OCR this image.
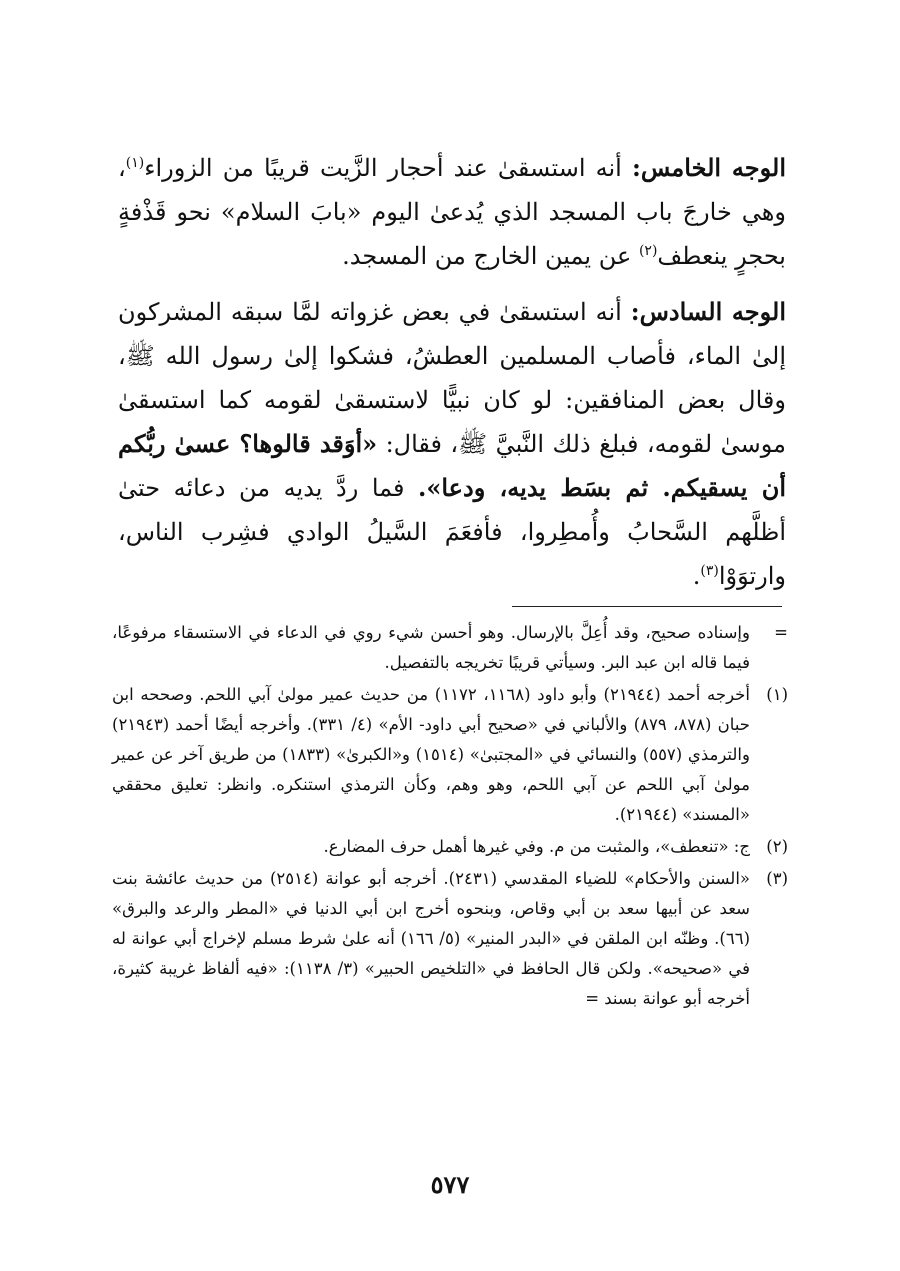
الوجه الخامس: أنه استسقىٰ عند أحجار الزَّيت قريبًا من الزوراء$^{(١)}$، وهي خارجَ باب المسجد الذي يُدعىٰ اليوم «بابَ السلام» نحو قَذْفةٍ بحجرٍ ينعطف$^{(٢)}$ عن يمين الخارج من المسجد.

الوجه السادس: أنه استسقىٰ في بعض غزواته لمَّا سبقه المشركون إلىٰ الماء، فأصاب المسلمين العطشُ، فشكوا إلىٰ رسول الله ﷺ، وقال بعض المنافقين: لو كان نبيًّا لاستسقىٰ لقومه كما استسقىٰ موسىٰ لقومه، فبلغ ذلك النَّبيَّ ﷺ، فقال: «أوَقد قالوها؟ عسىٰ ربُّكم أن يسقيكم. ثم بسَط يديه، ودعا». فما ردَّ يديه من دعائه حتىٰ أظلَّهم السَّحابُ وأُمطِروا، فأفعَمَ السَّيلُ الوادي فشِرب الناس، وارتوَوْا$^{(٣)}$.

=
وإسناده صحيح، وقد أُعِلَّ بالإرسال. وهو أحسن شيء روي في الدعاء في الاستسقاء مرفوعًا، فيما قاله ابن عبد البر. وسيأتي قريبًا تخريجه بالتفصيل.
(١)
أخرجه أحمد (٢١٩٤٤) وأبو داود (١١٦٨، ١١٧٢) من حديث عمير مولىٰ آبي اللحم. وصححه ابن حبان (٨٧٨، ٨٧٩) والألباني في «صحيح أبي داود- الأم» (٤/ ٣٣١). وأخرجه أيضًا أحمد (٢١٩٤٣) والترمذي (٥٥٧) والنسائي في «المجتبىٰ» (١٥١٤) و«الكبرىٰ» (١٨٣٣) من طريق آخر عن عمير مولىٰ آبي اللحم عن آبي اللحم، وهو وهم، وكأن الترمذي استنكره. وانظر: تعليق محققي «المسند» (٢١٩٤٤).
(٢)
ج: «تنعطف»، والمثبت من م. وفي غيرها أهمل حرف المضارع.
(٣)
«السنن والأحكام» للضياء المقدسي (٢٤٣١). أخرجه أبو عوانة (٢٥١٤) من حديث عائشة بنت سعد عن أبيها سعد بن أبي وقاص، وبنحوه أخرج ابن أبي الدنيا في «المطر والرعد والبرق» (٦٦). وظنّه ابن الملقن في «البدر المنير» (٥/ ١٦٦) أنه علىٰ شرط مسلم لإخراج أبي عوانة له في «صحيحه». ولكن قال الحافظ في «التلخيص الحبير» (٣/ ١١٣٨): «فيه ألفاظ غريبة كثيرة، أخرجه أبو عوانة بسند =
٥٧٧
